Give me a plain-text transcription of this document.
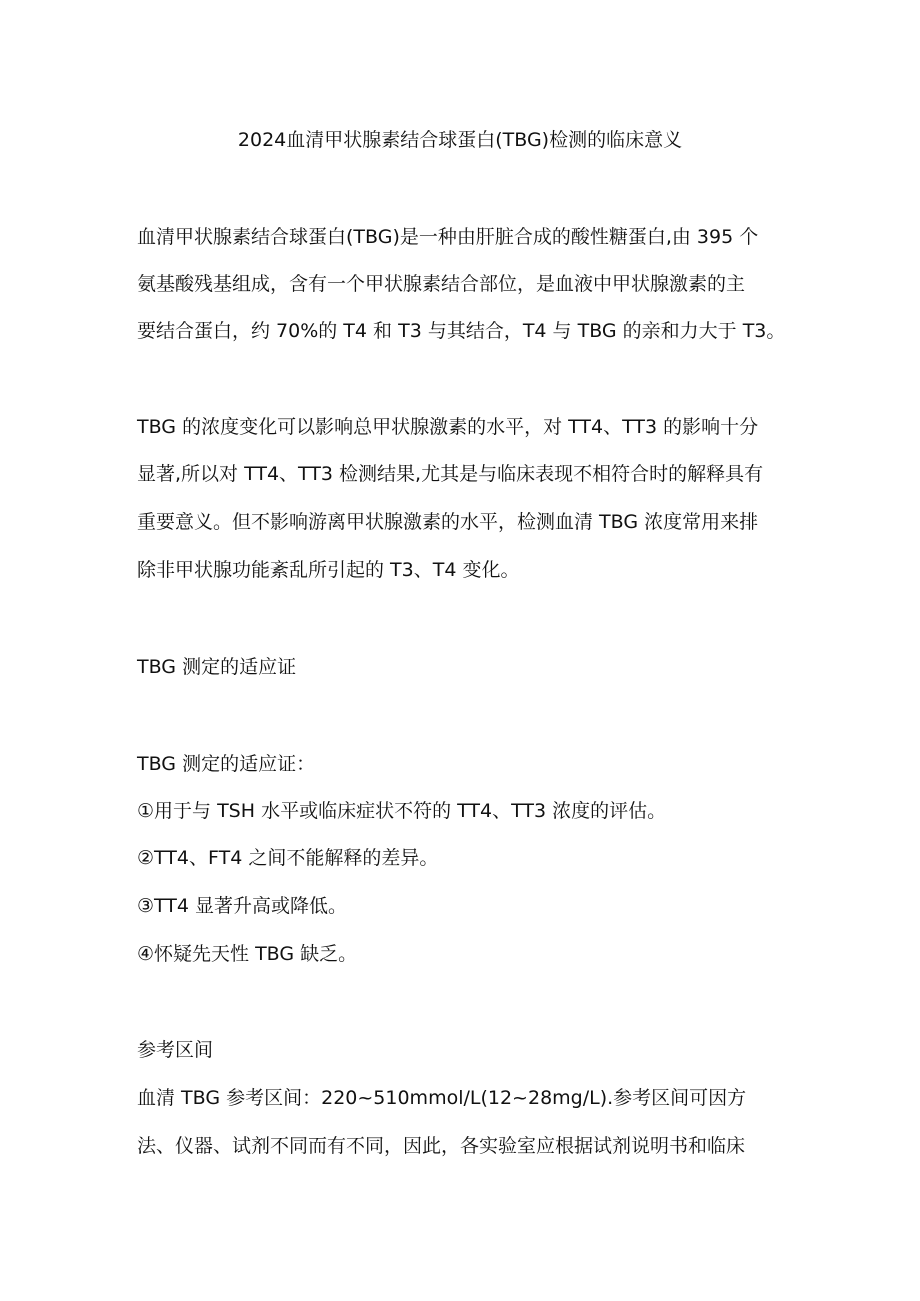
2024血清甲状腺素结合球蛋白(TBG)检测的临床意义
血清甲状腺素结合球蛋白(TBG)是一种由肝脏合成的酸性糖蛋白,由 395 个
氨基酸残基组成，含有一个甲状腺素结合部位，是血液中甲状腺激素的主
要结合蛋白，约 70%的 T4 和 T3 与其结合，T4 与 TBG 的亲和力大于 T3。
TBG 的浓度变化可以影响总甲状腺激素的水平，对 TT4、TT3 的影响十分
显著,所以对 TT4、TT3 检测结果,尤其是与临床表现不相符合时的解释具有
重要意义。但不影响游离甲状腺激素的水平，检测血清 TBG 浓度常用来排
除非甲状腺功能紊乱所引起的 T3、T4 变化。
TBG 测定的适应证
TBG 测定的适应证：
①用于与 TSH 水平或临床症状不符的 TT4、TT3 浓度的评估。
②TT4、FT4 之间不能解释的差异。
③TT4 显著升高或降低。
④怀疑先天性 TBG 缺乏。
参考区间
血清 TBG 参考区间：220~510mmol/L(12~28mg/L).参考区间可因方
法、仪器、试剂不同而有不同，因此，各实验室应根据试剂说明书和临床
